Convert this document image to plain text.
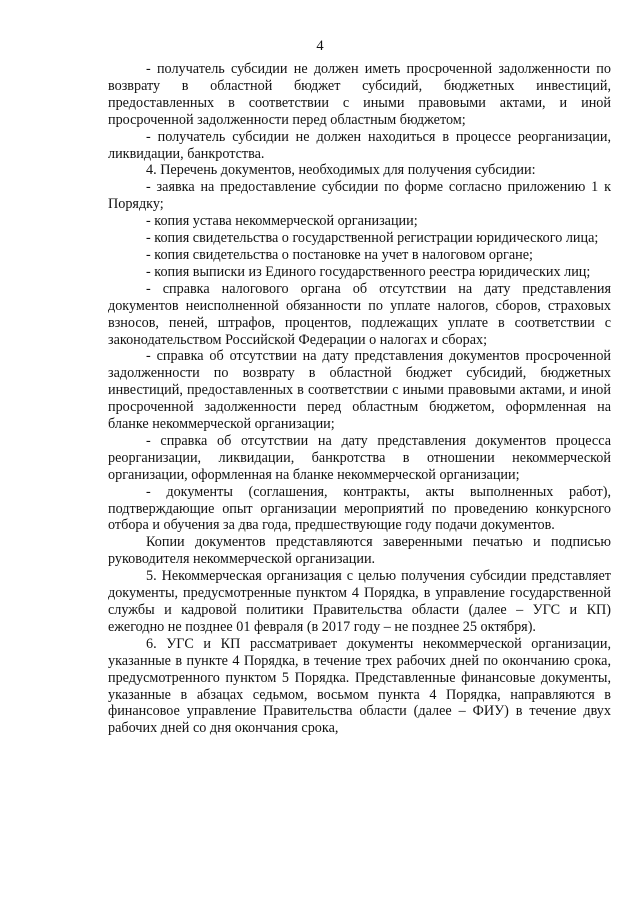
4

- получатель субсидии не должен иметь просроченной задолженности по возврату в областной бюджет субсидий, бюджетных инвестиций, предоставленных в соответствии с иными правовыми актами, и иной просроченной задолженности перед областным бюджетом;

- получатель субсидии не должен находиться в процессе реорганизации, ликвидации, банкротства.

4. Перечень документов, необходимых для получения субсидии:

- заявка на предоставление субсидии по форме согласно приложению 1 к Порядку;

- копия устава некоммерческой организации;

- копия свидетельства о государственной регистрации юридического лица;

- копия свидетельства о постановке на учет в налоговом органе;

- копия выписки из Единого государственного реестра юридических лиц;

- справка налогового органа об отсутствии на дату представления документов неисполненной обязанности по уплате налогов, сборов, страховых взносов, пеней, штрафов, процентов, подлежащих уплате в соответствии с законодательством Российской Федерации о налогах и сборах;

- справка об отсутствии на дату представления документов просроченной задолженности по возврату в областной бюджет субсидий, бюджетных инвестиций, предоставленных в соответствии с иными правовыми актами, и иной просроченной задолженности перед областным бюджетом, оформленная на бланке некоммерческой организации;

- справка об отсутствии на дату представления документов процесса реорганизации, ликвидации, банкротства в отношении некоммерческой организации, оформленная на бланке некоммерческой организации;

- документы (соглашения, контракты, акты выполненных работ), подтверждающие опыт организации мероприятий по проведению конкурсного отбора и обучения за два года, предшествующие году подачи документов.

Копии документов представляются заверенными печатью и подписью руководителя некоммерческой организации.

5. Некоммерческая организация с целью получения субсидии представляет документы, предусмотренные пунктом 4 Порядка, в управление государственной службы и кадровой политики Правительства области (далее – УГС и КП) ежегодно не позднее 01 февраля (в 2017 году – не позднее 25 октября).

6. УГС и КП рассматривает документы некоммерческой организации, указанные в пункте 4 Порядка, в течение трех рабочих дней по окончанию срока, предусмотренного пунктом 5 Порядка. Представленные финансовые документы, указанные в абзацах седьмом, восьмом пункта 4 Порядка, направляются в финансовое управление Правительства области (далее – ФИУ) в течение двух рабочих дней со дня окончания срока,
